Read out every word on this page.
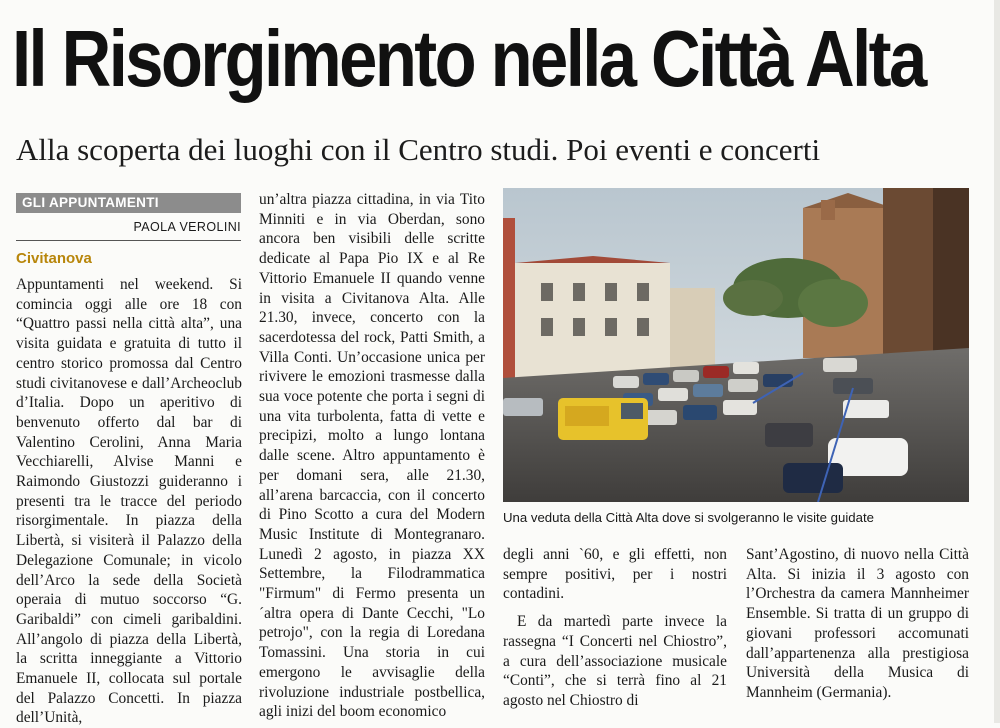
Il Risorgimento nella Città Alta
Alla scoperta dei luoghi con il Centro studi. Poi eventi e concerti
GLI APPUNTAMENTI
PAOLA VEROLINI
Civitanova
Appuntamenti nel weekend. Si comincia oggi alle ore 18 con “Quattro passi nella città alta”, una visita guidata e gratuita di tutto il centro storico promossa dal Centro studi civitanovese e dall’Archeoclub d’Italia. Dopo un aperitivo di benvenuto offerto dal bar di Valentino Cerolini, Anna Maria Vecchiarelli, Alvise Manni e Raimondo Giustozzi guideranno i presenti tra le tracce del periodo risorgimentale. In piazza della Libertà, si visiterà il Palazzo della Delegazione Comunale; in vicolo dell’Arco la sede della Società operaia di mutuo soccorso “G. Garibaldi” con cimeli garibaldini. All’angolo di piazza della Libertà, la scritta inneggiante a Vittorio Emanuele II, collocata sul portale del Palazzo Concetti. In piazza dell’Unità,
un’altra piazza cittadina, in via Tito Minniti e in via Oberdan, sono ancora ben visibili delle scritte dedicate al Papa Pio IX e al Re Vittorio Emanuele II quando venne in visita a Civitanova Alta. Alle 21.30, invece, concerto con la sacerdotessa del rock, Patti Smith, a Villa Conti. Un’occasione unica per rivivere le emozioni trasmesse dalla sua voce potente che porta i segni di una vita turbolenta, fatta di vette e precipizi, molto a lungo lontana dalle scene. Altro appuntamento è per domani sera, alle 21.30, all’arena barcaccia, con il concerto di Pino Scotto a cura del Modern Music Institute di Montegranaro. Lunedì 2 agosto, in piazza XX Settembre, la Filodrammatica "Firmum" di Fermo presenta un´altra opera di Dante Cecchi, "Lo petrojo", con la regia di Loredana Tomassini. Una storia in cui emergono le avvisaglie della rivoluzione industriale postbellica, agli inizi del boom economico
degli anni `60, e gli effetti, non sempre positivi, per i nostri contadini.
E da martedì parte invece la rassegna “I Concerti nel Chiostro”, a cura dell’associazione musicale “Conti”, che si terrà fino al 21 agosto nel Chiostro di
Sant’Agostino, di nuovo nella Città Alta. Si inizia il 3 agosto con l’Orchestra da camera Mannheimer Ensemble. Si tratta di un gruppo di giovani professori accomunati dall’appartenenza alla prestigiosa Università della Musica di Mannheim (Germania).
Una veduta della Città Alta dove si svolgeranno le visite guidate
